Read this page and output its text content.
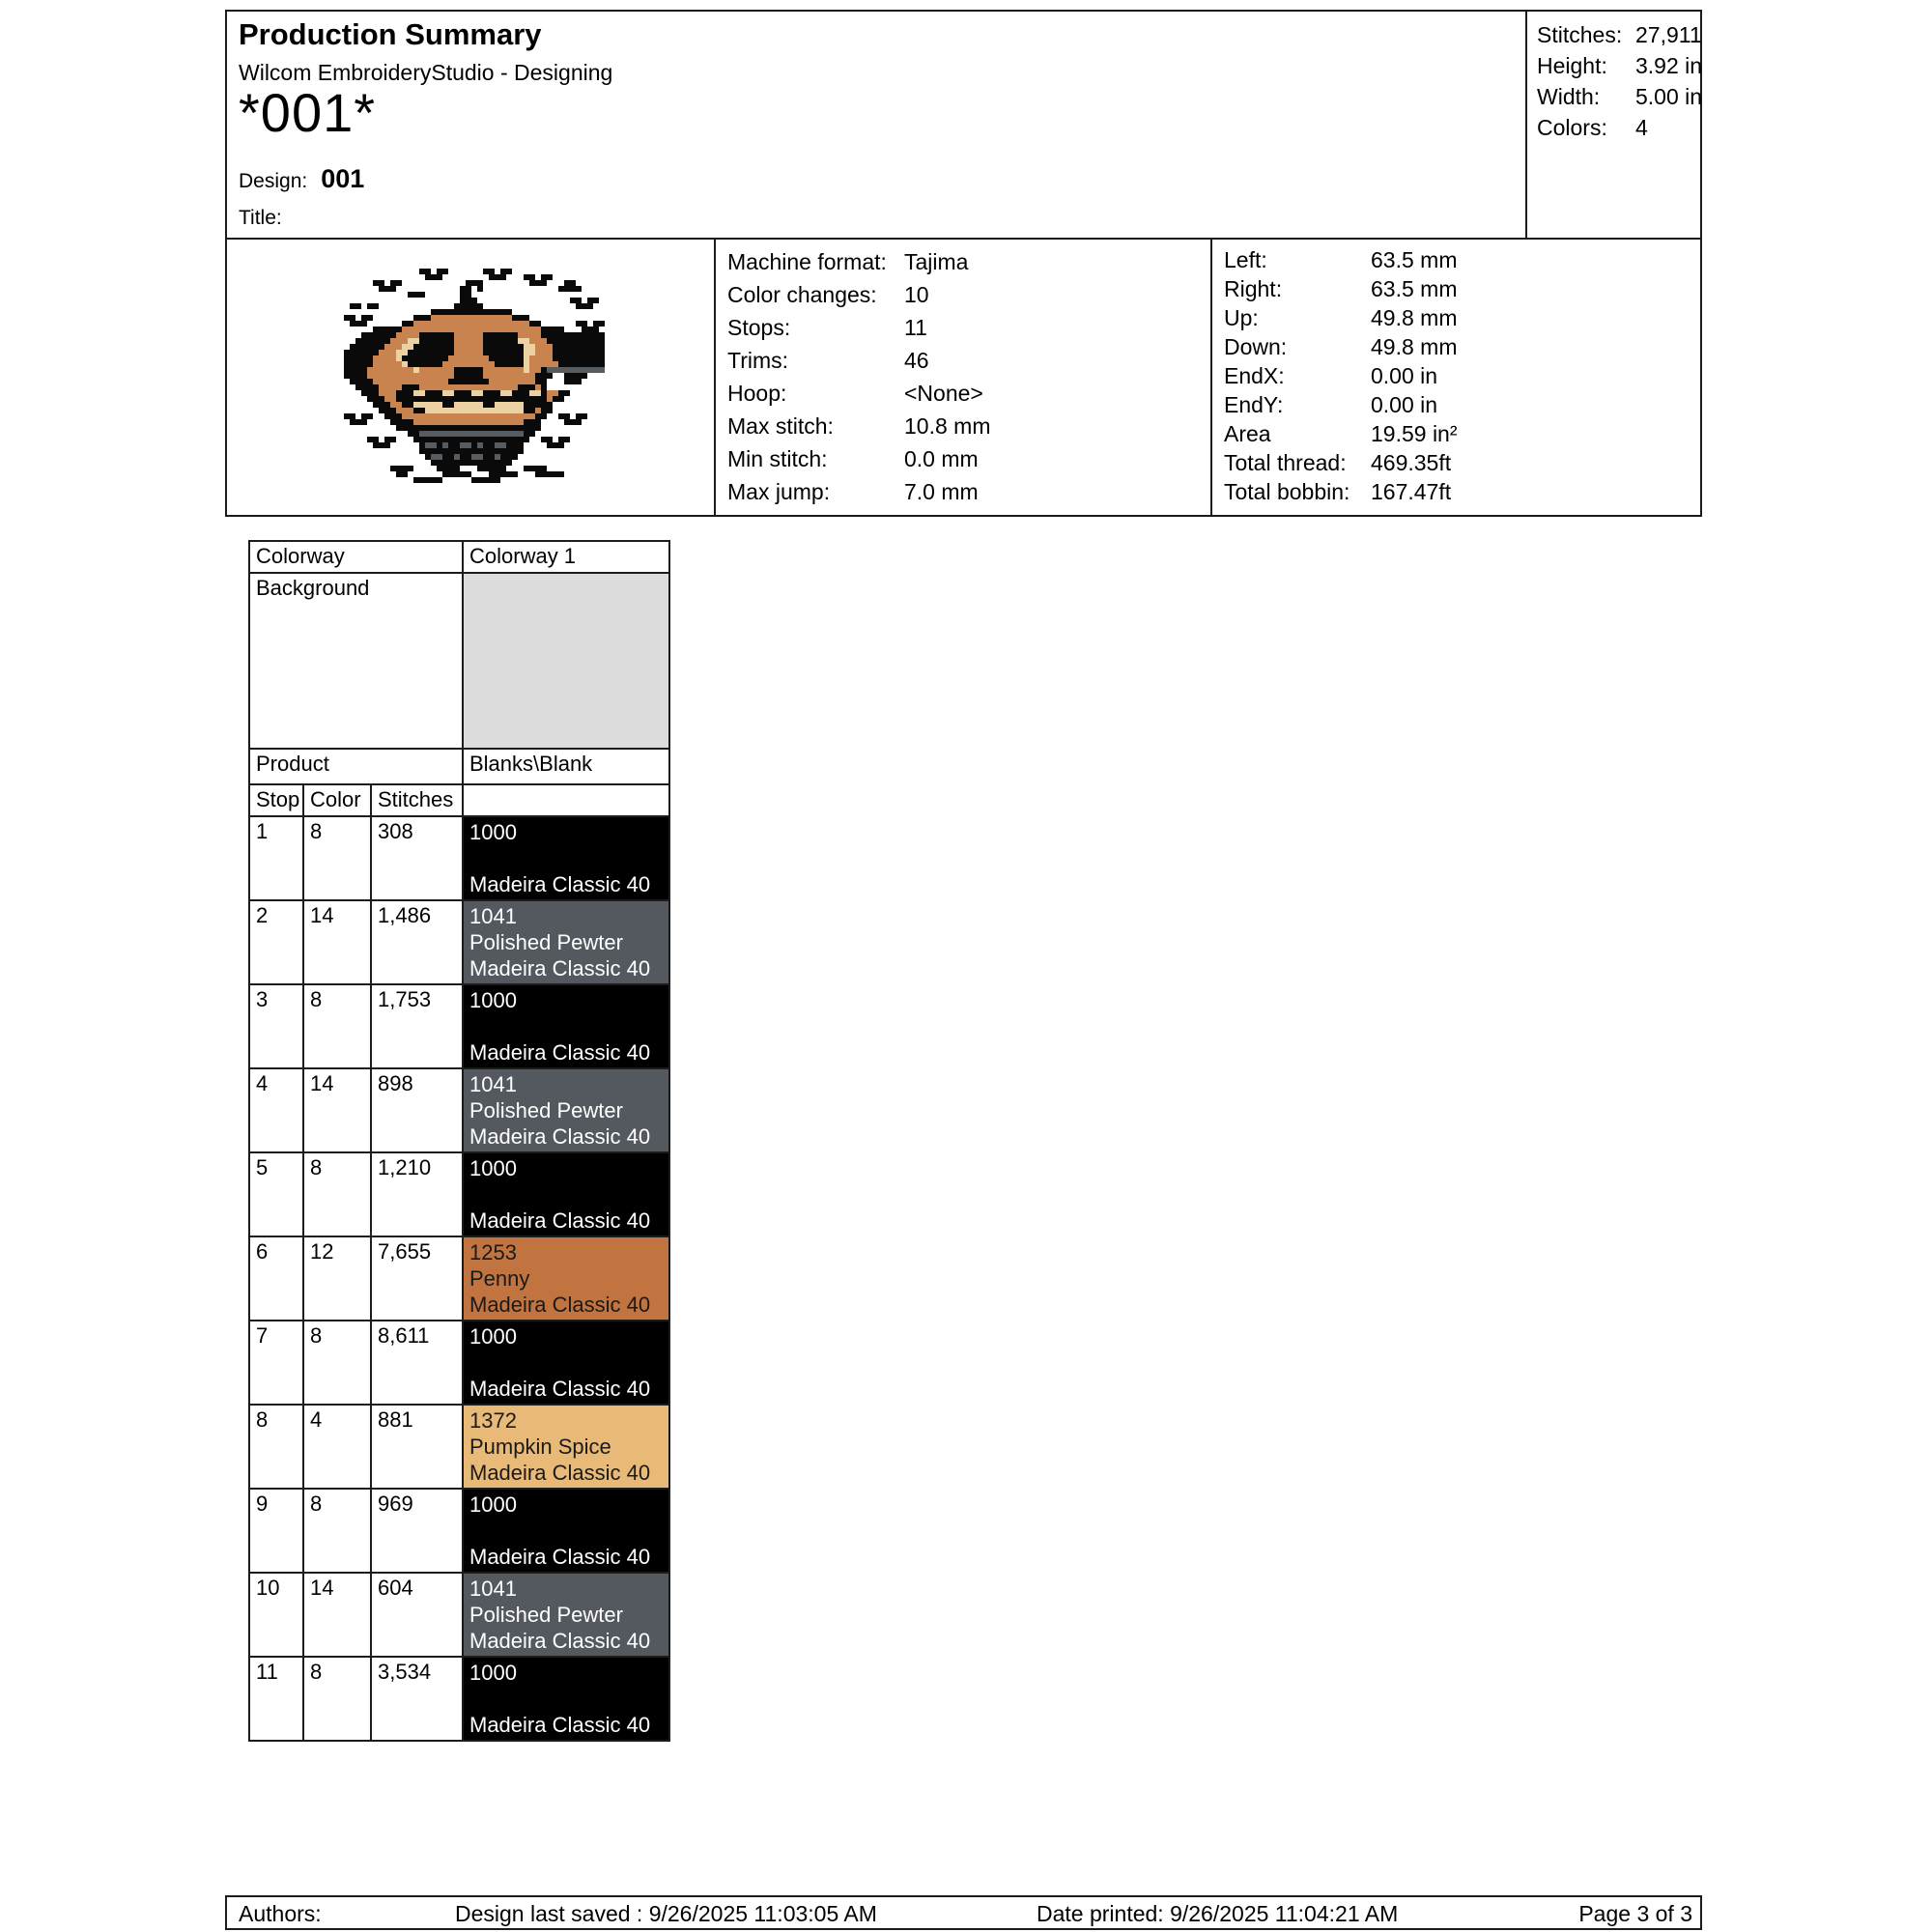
Production Summary
Wilcom EmbroideryStudio - Designing
*001*
Design: 001
Title:
Stitches: 27,911
Height:	3.92 in
Width:	5.00 in
Colors:	4
Machine format: Tajima
Color changes:	10
Stops:	11
Trims:	46
Hoop:	<None>
Max stitch:	10.8 mm
Min stitch:	0.0 mm
Max jump:	7.0 mm
Left:	63.5 mm
Right:	63.5 mm
Up:	49.8 mm
Down:	49.8 mm
EndX:	0.00 in
EndY:	0.00 in
Area	19.59 in²
Total thread:	469.35ft
Total bobbin: 167.47ft
Colorway			Colorway 1
Background			
Product			Blanks\Blank
Stop	Color	Stitches	
1	8	308	1000
Madeira Classic 40

2	14	1,486	1041
Polished Pewter
Madeira Classic 40

3	8	1,753	1000
Madeira Classic 40

4	14	898	1041
Polished Pewter
Madeira Classic 40

5	8	1,210	1000
Madeira Classic 40

6	12	7,655	1253
Penny
Madeira Classic 40

7	8	8,611	1000
Madeira Classic 40

8	4	881	1372
Pumpkin Spice
Madeira Classic 40

9	8	969	1000
Madeira Classic 40

10	14	604	1041
Polished Pewter
Madeira Classic 40

11	8	3,534	1000
Madeira Classic 40
Authors:	Design last saved : 9/26/2025 11:03:05 AM	Date printed: 9/26/2025 11:04:21 AM	Page 3 of 3
